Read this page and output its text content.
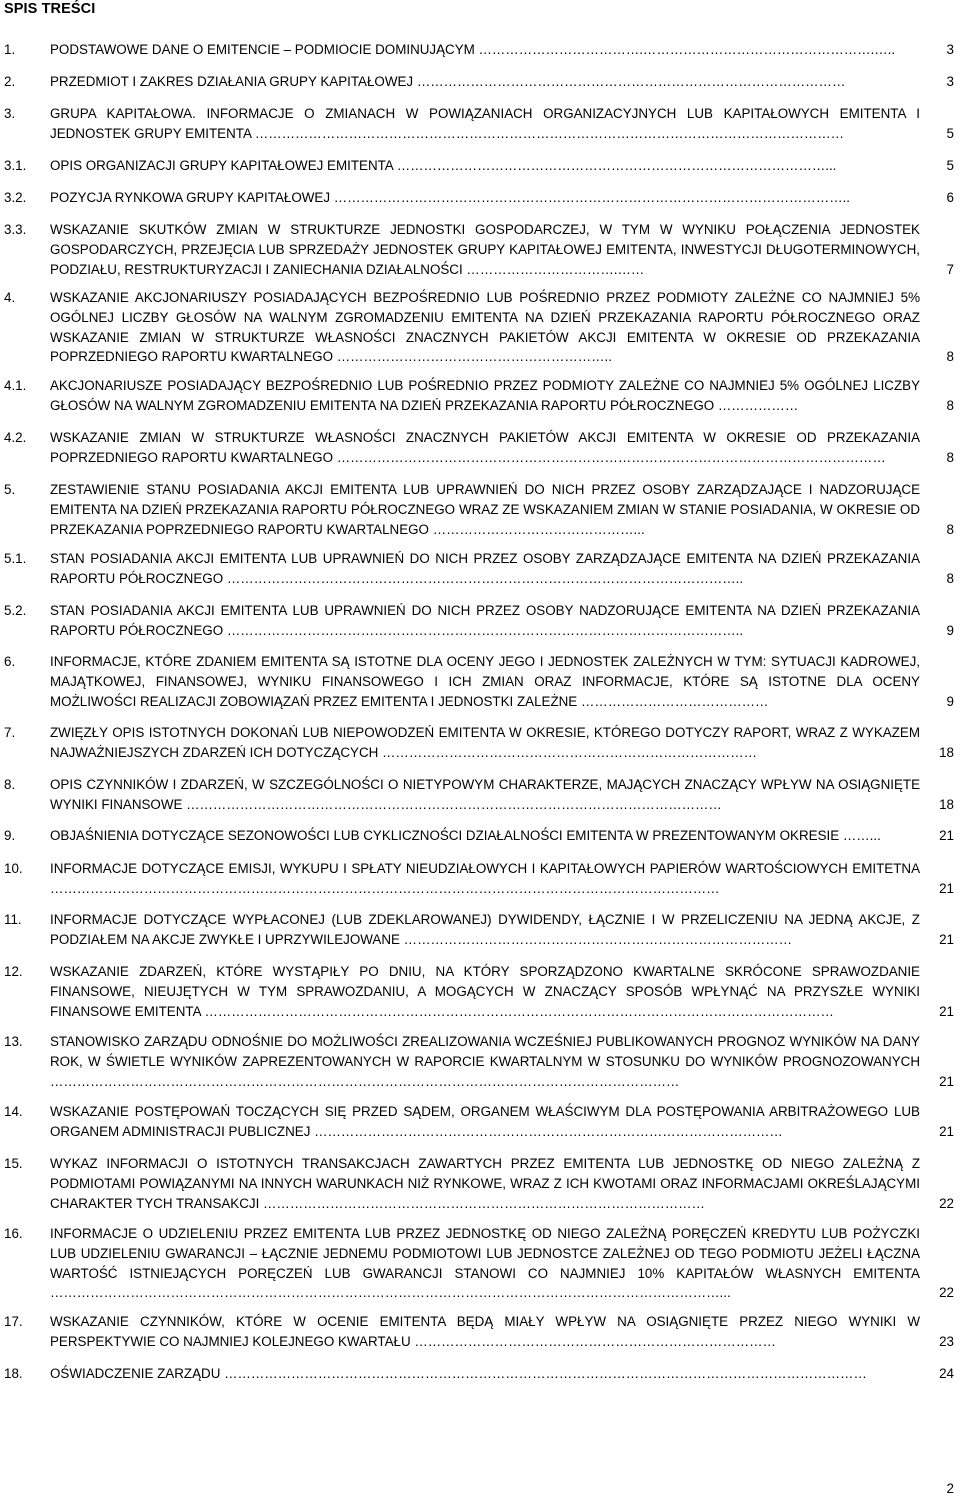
SPIS TREŚCI
1.	PODSTAWOWE DANE O EMITENCIE – PODMIOCIE DOMINUJĄCYM ……………………………….…………………………………………….…..	3
2.	PRZEDMIOT I ZAKRES DZIAŁANIA GRUPY KAPITAŁOWEJ ……………………………………………………………………………………	3
3.	GRUPA KAPITAŁOWA. INFORMACJE O ZMIANACH W POWIĄZANIACH ORGANIZACYJNYCH LUB KAPITAŁOWYCH EMITENTA I JEDNOSTEK GRUPY EMITENTA ……………………………………………………………………………………………………………………	5
3.1. OPIS ORGANIZACJI GRUPY KAPITAŁOWEJ EMITENTA ……………………………………………………………………………………...	5
3.2. POZYCJA RYNKOWA GRUPY KAPITAŁOWEJ ……………………………………………………………………………………………………..	6
3.3. WSKAZANIE SKUTKÓW ZMIAN W STRUKTURZE JEDNOSTKI GOSPODARCZEJ, W TYM W WYNIKU POŁĄCZENIA JEDNOSTEK GOSPODARCZYCH, PRZEJĘCIA LUB SPRZEDAŻY JEDNOSTEK GRUPY KAPITAŁOWEJ EMITENTA, INWESTYCJI DŁUGOTERMINOWYCH, PODZIAŁU, RESTRUKTURYZACJI I ZANIECHANIA DZIAŁALNOŚCI …………………………….……	7
4.	WSKAZANIE AKCJONARIUSZY POSIADAJĄCYCH BEZPOŚREDNIO LUB POŚREDNIO PRZEZ PODMIOTY ZALEŻNE CO NAJMNIEJ 5% OGÓLNEJ LICZBY GŁOSÓW NA WALNYM ZGROMADZENIU EMITENTA NA DZIEŃ PRZEKAZANIA RAPORTU PÓŁROCZNEGO ORAZ WSKAZANIE ZMIAN W STRUKTURZE WŁASNOŚCI ZNACZNYCH PAKIETÓW AKCJI EMITENTA W OKRESIE OD PRZEKAZANIA POPRZEDNIEGO RAPORTU KWARTALNEGO ……………………………………………………..	8
4.1. AKCJONARIUSZE POSIADAJĄCY BEZPOŚREDNIO LUB POŚREDNIO PRZEZ PODMIOTY ZALEŻNE CO NAJMNIEJ 5% OGÓLNEJ LICZBY GŁOSÓW NA WALNYM ZGROMADZENIU EMITENTA NA DZIEŃ PRZEKAZANIA RAPORTU PÓŁROCZNEGO ………………	8
4.2. WSKAZANIE ZMIAN W STRUKTURZE WŁASNOŚCI ZNACZNYCH PAKIETÓW AKCJI EMITENTA W OKRESIE OD PRZEKAZANIA POPRZEDNIEGO RAPORTU KWARTALNEGO ……………………………………………………………………………………………………………	8
5.	ZESTAWIENIE STANU POSIADANIA AKCJI EMITENTA LUB UPRAWNIEŃ DO NICH PRZEZ OSOBY ZARZĄDZAJĄCE I NADZORUJĄCE EMITENTA NA DZIEŃ PRZEKAZANIA RAPORTU PÓŁROCZNEGO WRAZ ZE WSKAZANIEM ZMIAN W STANIE POSIADANIA, W OKRESIE OD PRZEKAZANIA POPRZEDNIEGO RAPORTU KWARTALNEGO ………………………………………...	8
5.1. STAN POSIADANIA AKCJI EMITENTA LUB UPRAWNIEŃ DO NICH PRZEZ OSOBY ZARZĄDZAJĄCE EMITENTA NA DZIEŃ PRZEKAZANIA RAPORTU PÓŁROCZNEGO ……………………………………………………………………………………………………..	8
5.2. STAN POSIADANIA AKCJI EMITENTA LUB UPRAWNIEŃ DO NICH PRZEZ OSOBY NADZORUJĄCE EMITENTA NA DZIEŃ PRZEKAZANIA RAPORTU PÓŁROCZNEGO ……………………………………………………………………………………………………..	9
6.	INFORMACJE, KTÓRE ZDANIEM EMITENTA SĄ ISTOTNE DLA OCENY JEGO I JEDNOSTEK ZALEŻNYCH W TYM: SYTUACJI KADROWEJ, MAJĄTKOWEJ, FINANSOWEJ, WYNIKU FINANSOWEGO I ICH ZMIAN ORAZ INFORMACJE, KTÓRE SĄ ISTOTNE DLA OCENY MOŻLIWOŚCI REALIZACJI ZOBOWIĄZAŃ PRZEZ EMITENTA I JEDNOSTKI ZALEŻNE ……………………………………	9
7.	ZWIĘZŁY OPIS ISTOTNYCH DOKONAŃ LUB NIEPOWODZEŃ EMITENTA W OKRESIE, KTÓREGO DOTYCZY RAPORT, WRAZ Z WYKAZEM NAJWAŻNIEJSZYCH ZDARZEŃ ICH DOTYCZĄCYCH …………………………………………………………………………	18
8.	OPIS CZYNNIKÓW I ZDARZEŃ, W SZCZEGÓLNOŚCI O NIETYPOWYM CHARAKTERZE, MAJĄCYCH ZNACZĄCY WPŁYW NA OSIĄGNIĘTE WYNIKI FINANSOWE …………………………………………………………………………………………………………	18
9.	OBJAŚNIENIA DOTYCZĄCE SEZONOWOŚCI LUB CYKLICZNOŚCI DZIAŁALNOŚCI EMITENTA W PREZENTOWANYM OKRESIE ……...	21
10. INFORMACJE DOTYCZĄCE EMISJI, WYKUPU I SPŁATY NIEUDZIAŁOWYCH I KAPITAŁOWYCH PAPIERÓW WARTOŚCIOWYCH EMITETNA ……………………………………………………………………………………………………………………………………	21
11. INFORMACJE DOTYCZĄCE WYPŁACONEJ (LUB ZDEKLAROWANEJ) DYWIDENDY, ŁĄCZNIE I W PRZELICZENIU NA JEDNĄ AKCJE, Z PODZIAŁEM NA AKCJE ZWYKŁE I UPRZYWILEJOWANE ……………………………………………………………………………	21
12. WSKAZANIE ZDARZEŃ, KTÓRE WYSTĄPIŁY PO DNIU, NA KTÓRY SPORZĄDZONO KWARTALNE SKRÓCONE SPRAWOZDANIE FINANSOWE, NIEUJĘTYCH W TYM SPRAWOZDANIU, A MOGĄCYCH W ZNACZĄCY SPOSÓB WPŁYNĄĆ NA PRZYSZŁE WYNIKI FINANSOWE EMITENTA ……………………………………………………………………………………………………………………………	21
13. STANOWISKO ZARZĄDU ODNOŚNIE DO MOŻLIWOŚCI ZREALIZOWANIA WCZEŚNIEJ PUBLIKOWANYCH PROGNOZ WYNIKÓW NA DANY ROK, W ŚWIETLE WYNIKÓW ZAPREZENTOWANYCH W RAPORCIE KWARTALNYM W STOSUNKU DO WYNIKÓW PROGNOZOWANYCH ……………………………………………………………………………………………………………………………	21
14. WSKAZANIE POSTĘPOWAŃ TOCZĄCYCH SIĘ PRZED SĄDEM, ORGANEM WŁAŚCIWYM DLA POSTĘPOWANIA ARBITRAŻOWEGO LUB ORGANEM ADMINISTRACJI PUBLICZNEJ ……………………………………………………………………………………………	21
15. WYKAZ INFORMACJI O ISTOTNYCH TRANSAKCJACH ZAWARTYCH PRZEZ EMITENTA LUB JEDNOSTKĘ OD NIEGO ZALEŻNĄ Z PODMIOTAMI POWIĄZANYMI NA INNYCH WARUNKACH NIŻ RYNKOWE, WRAZ Z ICH KWOTAMI ORAZ INFORMACJAMI OKREŚLAJĄCYMI CHARAKTER TYCH TRANSAKCJI ………………………………………………………………………………………	22
16. INFORMACJE O UDZIELENIU PRZEZ EMITENTA LUB PRZEZ JEDNOSTKĘ OD NIEGO ZALEŻNĄ PORĘCZEŃ KREDYTU LUB POŻYCZKI LUB UDZIELENIU GWARANCJI – ŁĄCZNIE JEDNEMU PODMIOTOWI LUB JEDNOSTCE ZALEŻNEJ OD TEGO PODMIOTU JEŻELI ŁĄCZNA WARTOŚĆ ISTNIEJĄCYCH PORĘCZEŃ LUB GWARANCJI STANOWI CO NAJMNIEJ 10% KAPITAŁÓW WŁASNYCH EMITENTA ……………………………………………………………………………………………………………………………………...	22
17. WSKAZANIE CZYNNIKÓW, KTÓRE W OCENIE EMITENTA BĘDĄ MIAŁY WPŁYW NA OSIĄGNIĘTE PRZEZ NIEGO WYNIKI W PERSPEKTYWIE CO NAJMNIEJ KOLEJNEGO KWARTAŁU ………………………………………………………………………	23
18. OŚWIADCZENIE ZARZĄDU ………………………………………………………………………………………………………………………………	24
2
